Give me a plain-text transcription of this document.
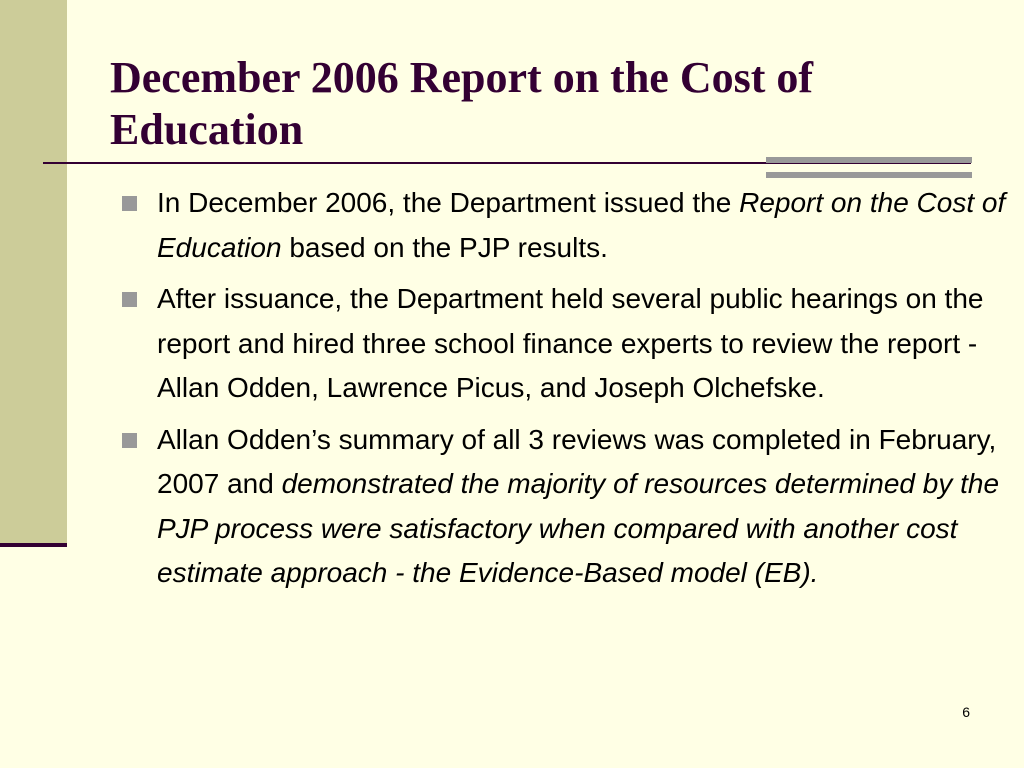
December 2006 Report on the Cost of Education
In December 2006, the Department issued the Report on the Cost of Education based on the PJP results.
After issuance, the Department held several public hearings on the report and hired three school finance experts to review the report - Allan Odden, Lawrence Picus, and Joseph Olchefske.
Allan Odden’s summary of all 3 reviews was completed in February, 2007 and demonstrated the majority of resources determined by the PJP process were satisfactory when compared with another cost estimate approach - the Evidence-Based model (EB).
6
